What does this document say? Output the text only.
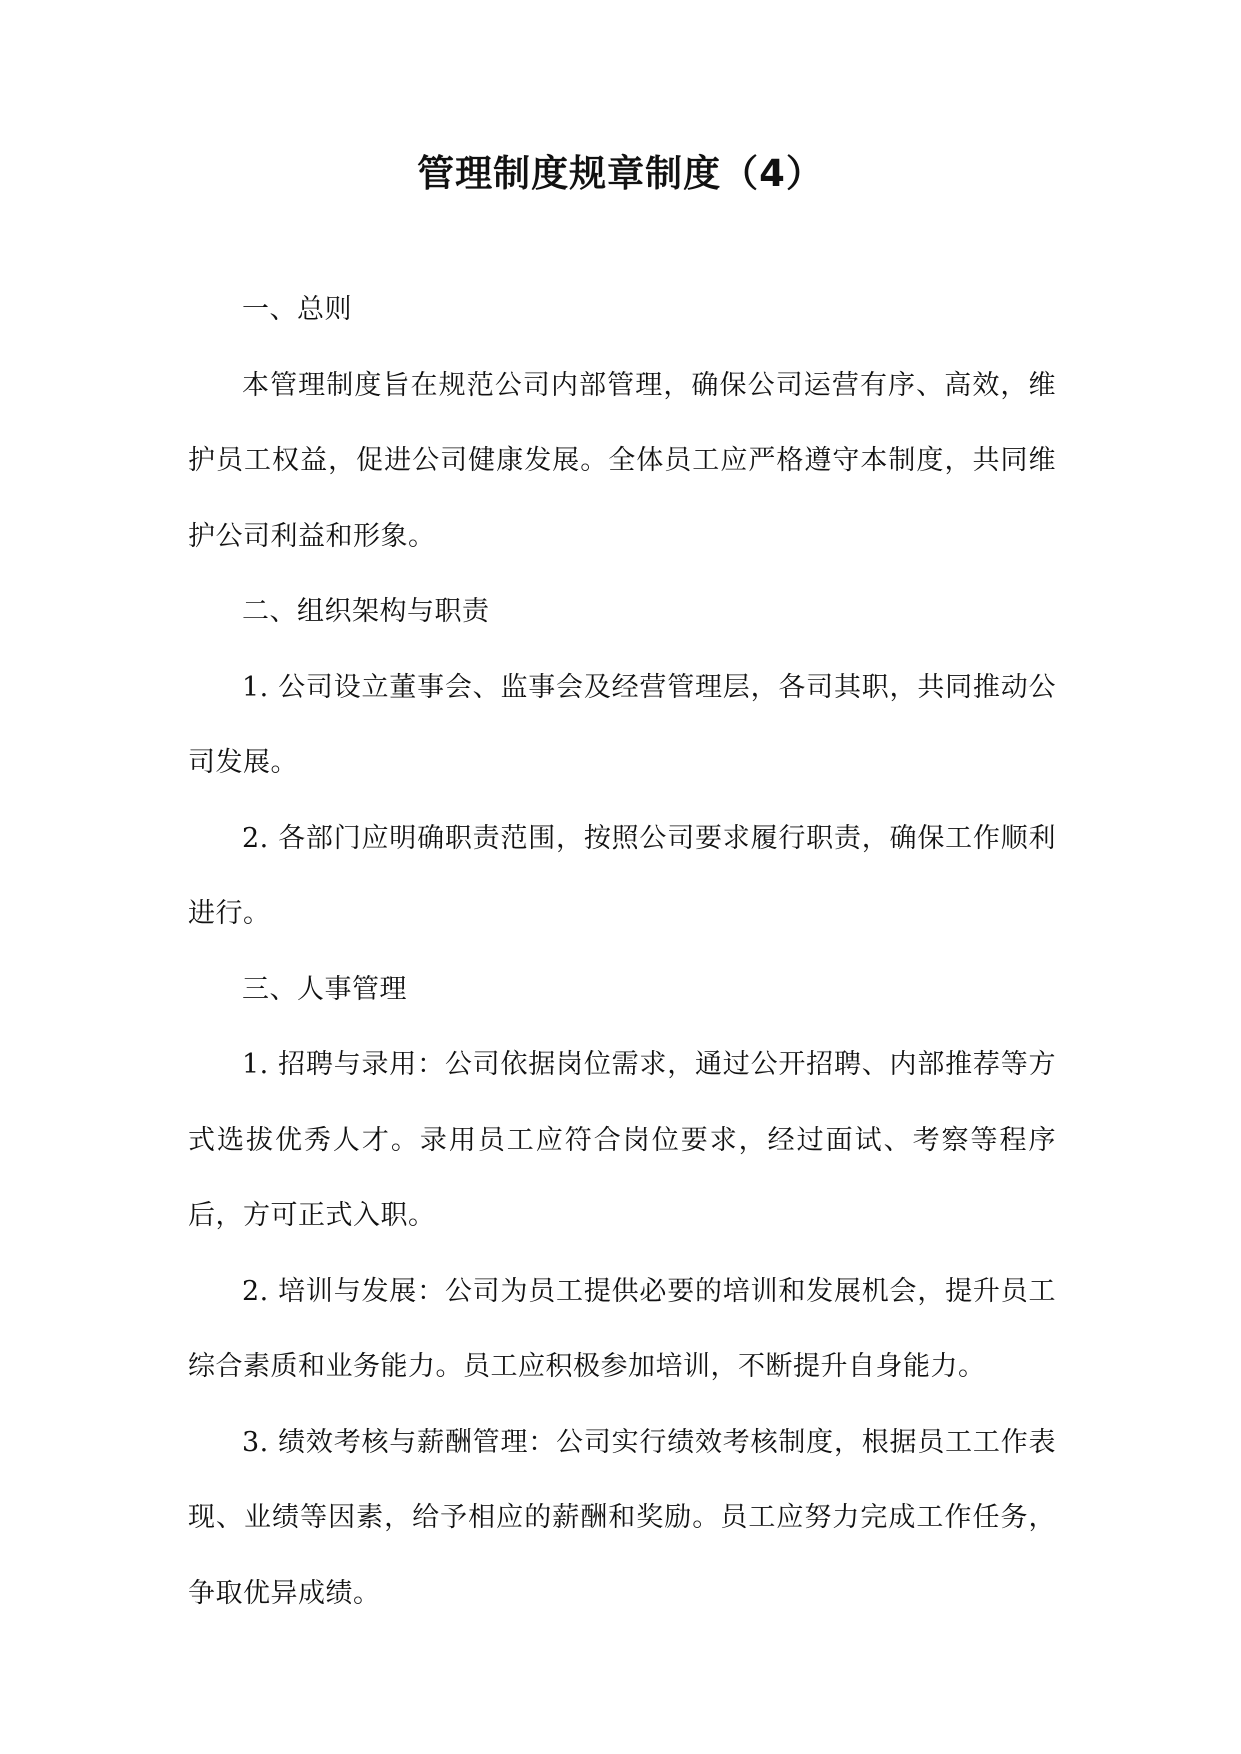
管理制度规章制度（4）

一、总则

本管理制度旨在规范公司内部管理，确保公司运营有序、高效，维护员工权益，促进公司健康发展。全体员工应严格遵守本制度，共同维护公司利益和形象。

二、组织架构与职责

1. 公司设立董事会、监事会及经营管理层，各司其职，共同推动公司发展。

2. 各部门应明确职责范围，按照公司要求履行职责，确保工作顺利进行。

三、人事管理

1. 招聘与录用：公司依据岗位需求，通过公开招聘、内部推荐等方式选拔优秀人才。录用员工应符合岗位要求，经过面试、考察等程序后，方可正式入职。

2. 培训与发展：公司为员工提供必要的培训和发展机会，提升员工综合素质和业务能力。员工应积极参加培训，不断提升自身能力。

3. 绩效考核与薪酬管理：公司实行绩效考核制度，根据员工工作表现、业绩等因素，给予相应的薪酬和奖励。员工应努力完成工作任务，争取优异成绩。
